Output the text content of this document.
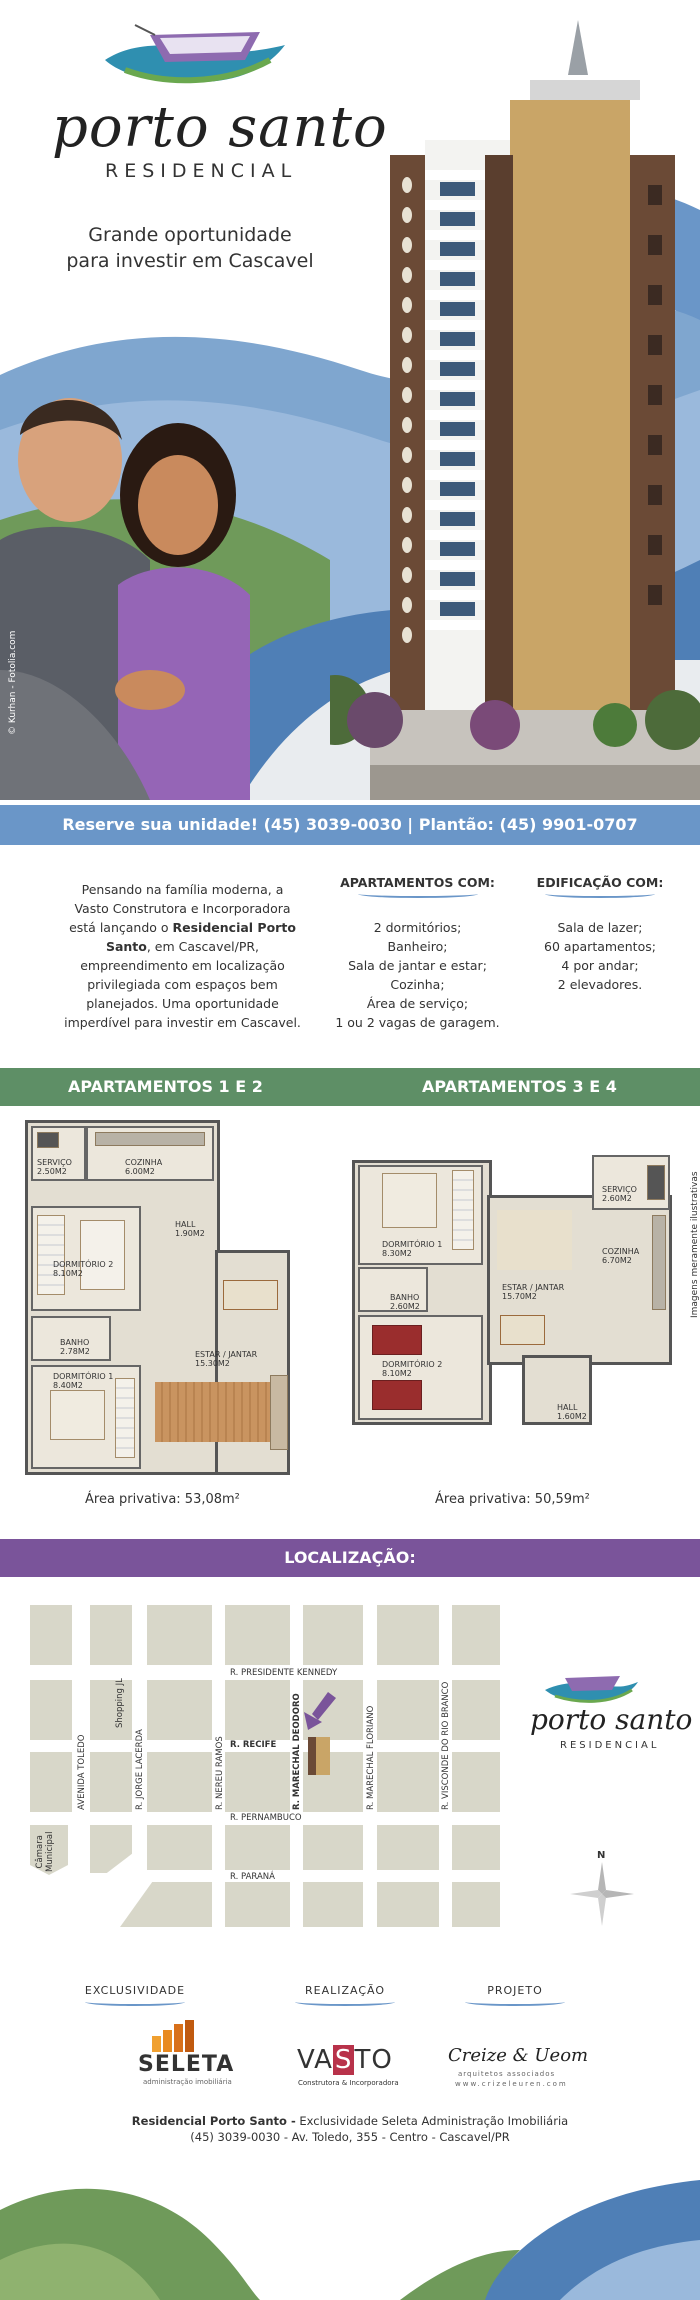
porto santo
RESIDENCIAL
Grande oportunidade
para investir em Cascavel
© Kurhan - Fotolia.com
Reserve sua unidade! (45) 3039-0030 | Plantão: (45) 9901-0707
Pensando na família moderna, a
Vasto Construtora e Incorporadora
está lançando o Residencial Porto
Santo, em Cascavel/PR,
empreendimento em localização
privilegiada com espaços bem
planejados. Uma oportunidade
imperdível para investir em Cascavel.
APARTAMENTOS COM:
2 dormitórios;
Banheiro;
Sala de jantar e estar;
Cozinha;
Área de serviço;
1 ou 2 vagas de garagem.
EDIFICAÇÃO COM:
Sala de lazer;
60 apartamentos;
4 por andar;
2 elevadores.
APARTAMENTOS 1 E 2	APARTAMENTOS 3 E 4
SERVIÇO
2.50M2
COZINHA
6.00M2
DORMITÓRIO 2
8.10M2
HALL
1.90M2
BANHO
2.78M2	ESTAR / JANTAR
15.30M2
DORMITÓRIO 1
8.40M2
Área privativa: 53,08m²
SERVIÇO
2.60M2
COZINHA
6.70M2
DORMITÓRIO 1
8.30M2
BANHO
2.60M2
ESTAR / JANTAR
15.70M2
DORMITÓRIO 2
8.10M2
HALL
1.60M2
Imagens meramente ilustrativas
Área privativa: 50,59m²
LOCALIZAÇÃO:
R. PRESIDENTE KENNEDY
R. RECIFE
R. PERNAMBUCO
R. PARANÁ
AVENIDA TOLEDO	R. JORGE LACERDA	R. NEREU RAMOS	R. MARECHAL DEODORO	R. MARECHAL FLORIANO	R. VISCONDE DO RIO BRANCO
Shopping JL
Câmara Municipal
porto santo
RESIDENCIAL
N
EXCLUSIVIDADE	REALIZAÇÃO	PROJETO
SELETA
administração imobiliária
VASTO
Construtora & Incorporadora
Creize & Ueom
arquitetos associados
www.crizeleuren.com
Residencial Porto Santo - Exclusividade Seleta Administração Imobiliária
(45) 3039-0030 - Av. Toledo, 355 - Centro - Cascavel/PR
